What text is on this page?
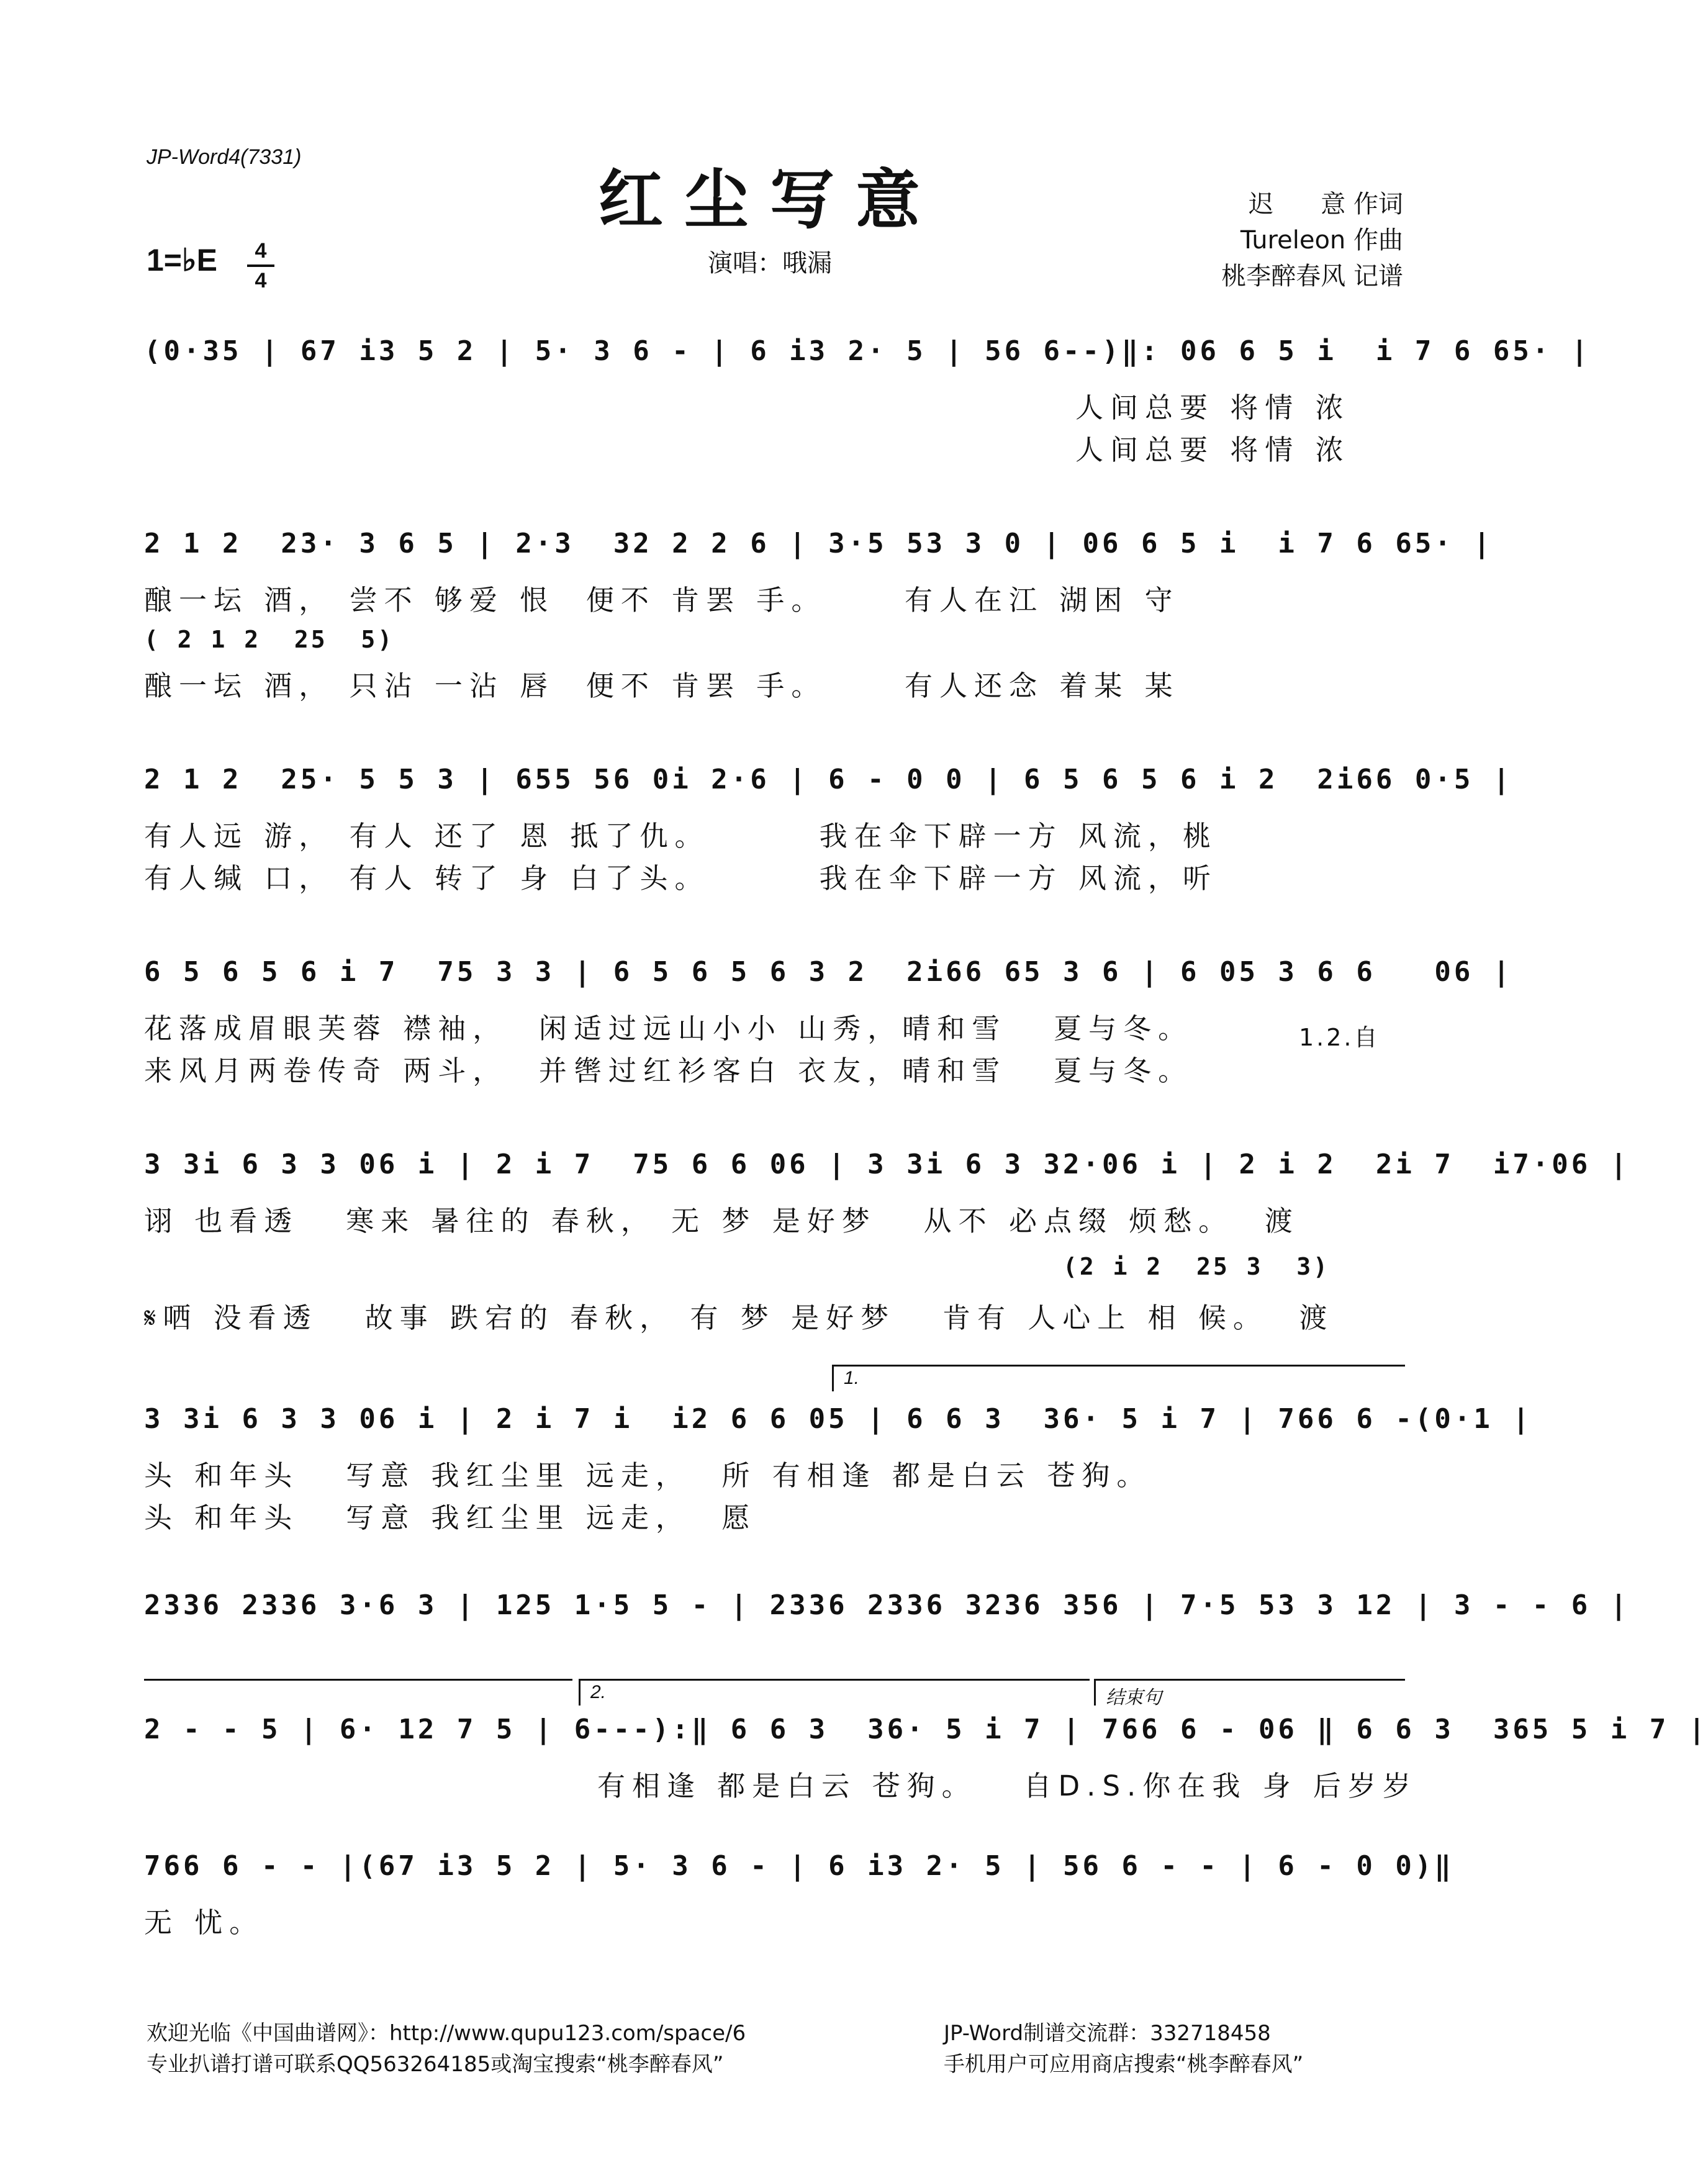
JP-Word4(7331)
红尘写意
1=♭E	4
4
演唱：哦漏
迟      意 作词
Tureleon 作曲
桃李醉春风 记谱
(0·35 | 67 i3 5 2 | 5· 3 6 - | 6 i3 2· 5 | 56 6--)‖: 06 6 5 i  i 7 6 65· |
人间总要 将情 浓
人间总要 将情 浓
2 1 2  23· 3 6 5 | 2·3  32 2 2 6 | 3·5 53 3 0 | 06 6 5 i  i 7 6 65· |
酿一坛 酒， 尝不 够爱 恨  便不 肯罢 手。     有人在江 湖困 守
( 2 1 2  25  5)
酿一坛 酒， 只沾 一沾 唇  便不 肯罢 手。     有人还念 着某 某
2 1 2  25· 5 5 3 | 655 56 0i 2·6 | 6 - 0 0 | 6 5 6 5 6 i 2  2i66 0·5 |
有人远 游， 有人 还了 恩 抵了仇。       我在伞下辟一方 风流，桃
有人缄 口， 有人 转了 身 白了头。       我在伞下辟一方 风流，听
6 5 6 5 6 i 7  75 3 3 | 6 5 6 5 6 3 2  2i66 65 3 6 | 6 05 3 6 6   06 |
花落成眉眼芙蓉 襟袖，  闲适过远山小小 山秀，晴和雪   夏与冬。
来风月两卷传奇 两斗，  并辔过红衫客白 衣友，晴和雪   夏与冬。
1.2.自
3 3i 6 3 3 06 i | 2 i 7  75 6 6 06 | 3 3i 6 3 32·06 i | 2 i 2  2i 7  i7·06 |
诩 也看透   寒来 暑往的 春秋， 无 梦 是好梦   从不 必点缀 烦愁。  渡
(2 i 2  25 3  3)
𝄋哂 没看透   故事 跌宕的 春秋， 有 梦 是好梦   肯有 人心上 相 候。  渡
1.
3 3i 6 3 3 06 i | 2 i 7 i  i2 6 6 05 | 6 6 3  36· 5 i 7 | 766 6 -(0·1 |
头 和年头   写意 我红尘里 远走，  所 有相逢 都是白云 苍狗。
头 和年头   写意 我红尘里 远走，  愿
2336 2336 3·6 3 | 125 1·5 5 - | 2336 2336 3236 356 | 7·5 53 3 12 | 3 - - 6 |
2.	结束句
2 - - 5 | 6· 12 7 5 | 6---):‖ 6 6 3  36· 5 i 7 | 766 6 - 06 ‖ 6 6 3  365 5 i 7 |
有相逢 都是白云 苍狗。   自D.S.你在我 身 后岁岁
766 6 - - |(67 i3 5 2 | 5· 3 6 - | 6 i3 2· 5 | 56 6 - - | 6 - 0 0)‖
无 忧。
欢迎光临《中国曲谱网》：http://www.qupu123.com/space/6
专业扒谱打谱可联系QQ563264185或淘宝搜索“桃李醉春风”
JP-Word制谱交流群：332718458
手机用户可应用商店搜索“桃李醉春风”
